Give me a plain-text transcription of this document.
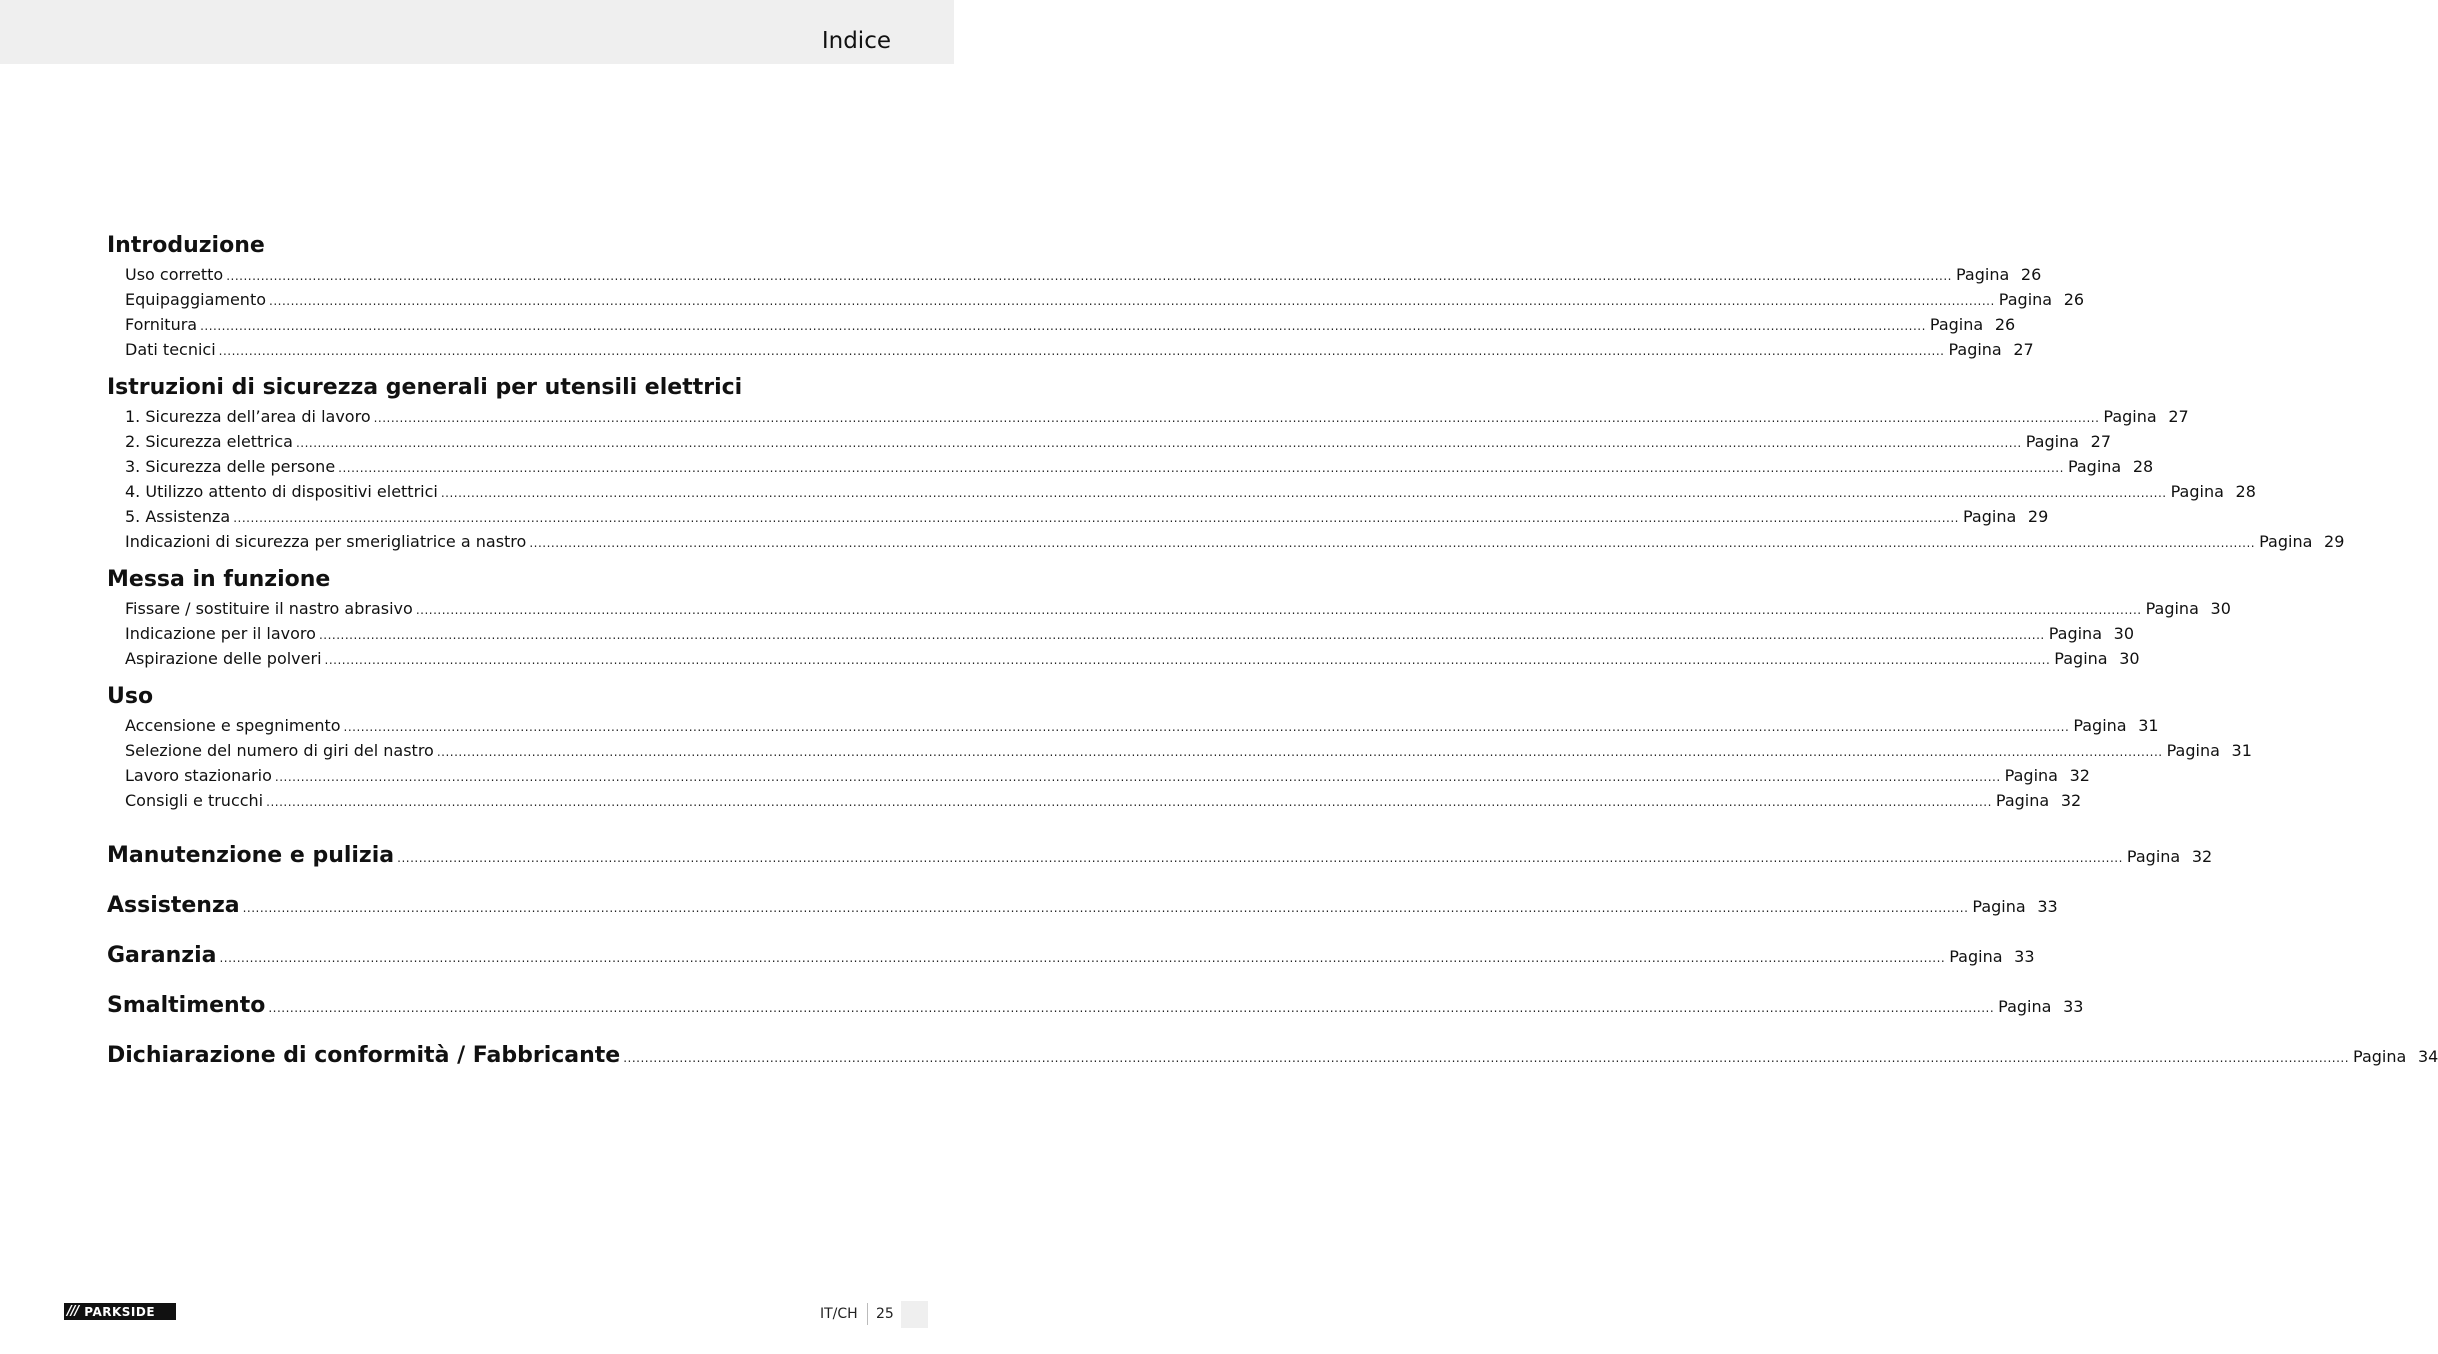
Indice
Introduzione
Uso corretto ................................................................................................................................................................................................................................................................................................................................................................................................................ Pagina 26
Equipaggiamento ................................................................................................................................................................................................................................................................................................................................................................................................................ Pagina 26
Fornitura ................................................................................................................................................................................................................................................................................................................................................................................................................ Pagina 26
Dati tecnici ................................................................................................................................................................................................................................................................................................................................................................................................................ Pagina 27
Istruzioni di sicurezza generali per utensili elettrici
1. Sicurezza dell’area di lavoro ................................................................................................................................................................................................................................................................................................................................................................................................................ Pagina 27
2. Sicurezza elettrica ................................................................................................................................................................................................................................................................................................................................................................................................................ Pagina 27
3. Sicurezza delle persone ................................................................................................................................................................................................................................................................................................................................................................................................................ Pagina 28
4. Utilizzo attento di dispositivi elettrici ................................................................................................................................................................................................................................................................................................................................................................................................................ Pagina 28
5. Assistenza ................................................................................................................................................................................................................................................................................................................................................................................................................ Pagina 29
Indicazioni di sicurezza per smerigliatrice a nastro ................................................................................................................................................................................................................................................................................................................................................................................................................ Pagina 29
Messa in funzione
Fissare / sostituire il nastro abrasivo ................................................................................................................................................................................................................................................................................................................................................................................................................ Pagina 30
Indicazione per il lavoro ................................................................................................................................................................................................................................................................................................................................................................................................................ Pagina 30
Aspirazione delle polveri ................................................................................................................................................................................................................................................................................................................................................................................................................ Pagina 30
Uso
Accensione e spegnimento ................................................................................................................................................................................................................................................................................................................................................................................................................ Pagina 31
Selezione del numero di giri del nastro ................................................................................................................................................................................................................................................................................................................................................................................................................ Pagina 31
Lavoro stazionario ................................................................................................................................................................................................................................................................................................................................................................................................................ Pagina 32
Consigli e trucchi ................................................................................................................................................................................................................................................................................................................................................................................................................ Pagina 32
Manutenzione e pulizia ................................................................................................................................................................................................................................................................................................................................................................................................................ Pagina 32
Assistenza ................................................................................................................................................................................................................................................................................................................................................................................................................ Pagina 33
Garanzia ................................................................................................................................................................................................................................................................................................................................................................................................................ Pagina 33
Smaltimento ................................................................................................................................................................................................................................................................................................................................................................................................................ Pagina 33
Dichiarazione di conformità / Fabbricante ................................................................................................................................................................................................................................................................................................................................................................................................................ Pagina 34
/// PARKSIDE	IT/CH 25
